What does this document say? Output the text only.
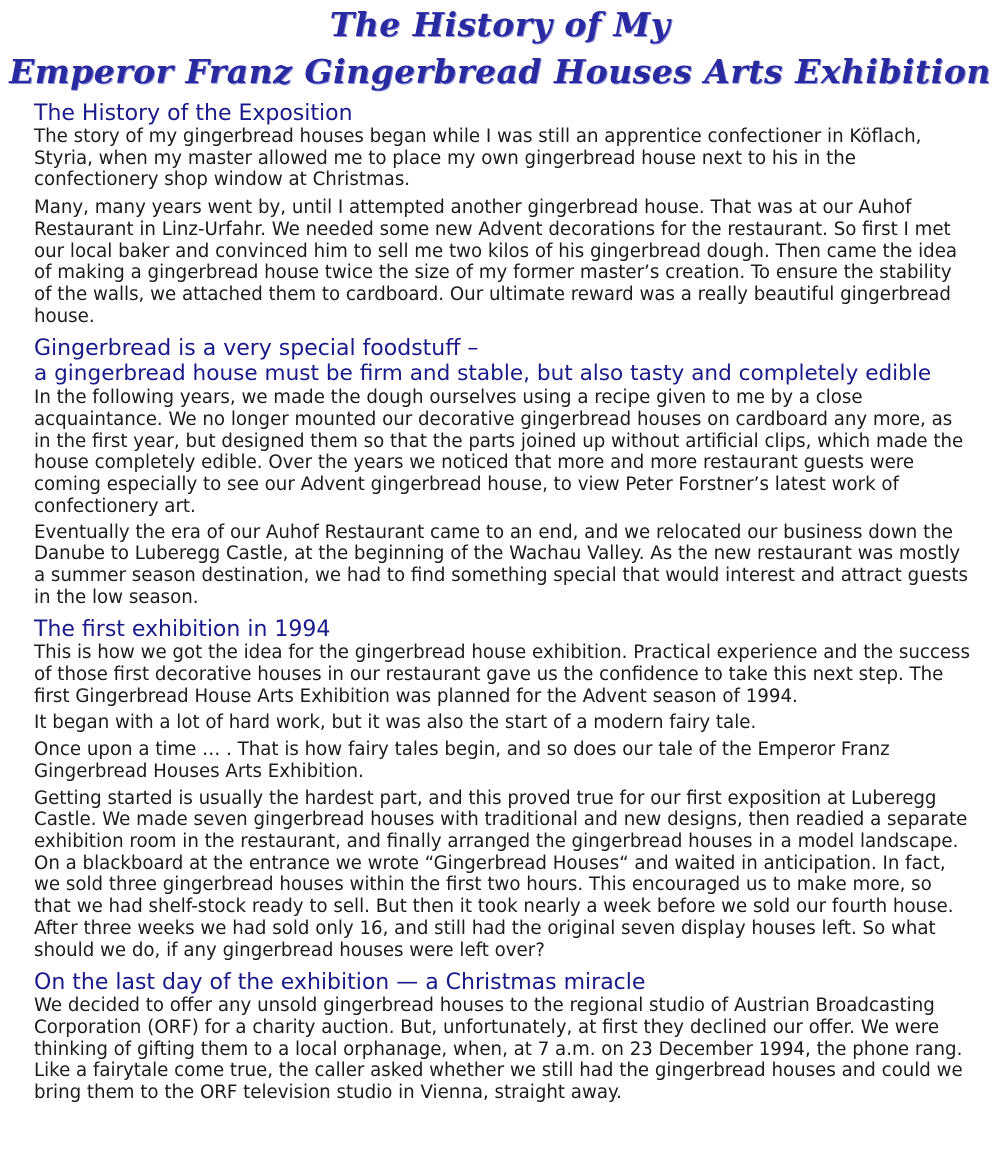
The History of My
Emperor Franz Gingerbread Houses Arts Exhibition
The History of the Exposition

The story of my gingerbread houses began while I was still an apprentice confectioner in Köflach, Styria, when my master allowed me to place my own gingerbread house next to his in the confectionery shop window at Christmas.

Many, many years went by, until I attempted another gingerbread house. That was at our Auhof Restaurant in Linz-Urfahr. We needed some new Advent decorations for the restaurant. So first I met our local baker and convinced him to sell me two kilos of his gingerbread dough. Then came the idea of making a gingerbread house twice the size of my former master’s creation. To ensure the stability of the walls, we attached them to cardboard. Our ultimate reward was a really beautiful gingerbread house.

Gingerbread is a very special foodstuff –
a gingerbread house must be firm and stable, but also tasty and completely edible

In the following years, we made the dough ourselves using a recipe given to me by a close acquaintance. We no longer mounted our decorative gingerbread houses on cardboard any more, as in the first year, but designed them so that the parts joined up without artificial clips, which made the house completely edible. Over the years we noticed that more and more restaurant guests were coming especially to see our Advent gingerbread house, to view Peter Forstner’s latest work of confectionery art.

Eventually the era of our Auhof Restaurant came to an end, and we relocated our business down the Danube to Luberegg Castle, at the beginning of the Wachau Valley. As the new restaurant was mostly a summer season destination, we had to find something special that would interest and attract guests in the low season.

The first exhibition in 1994

This is how we got the idea for the gingerbread house exhibition. Practical experience and the success of those first decorative houses in our restaurant gave us the confidence to take this next step. The first Gingerbread House Arts Exhibition was planned for the Advent season of 1994.

It began with a lot of hard work, but it was also the start of a modern fairy tale.

Once upon a time … . That is how fairy tales begin, and so does our tale of the Emperor Franz Gingerbread Houses Arts Exhibition.

Getting started is usually the hardest part, and this proved true for our first exposition at Luberegg Castle. We made seven gingerbread houses with traditional and new designs, then readied a separate exhibition room in the restaurant, and finally arranged the gingerbread houses in a model landscape. On a blackboard at the entrance we wrote “Gingerbread Houses“ and waited in anticipation. In fact, we sold three gingerbread houses within the first two hours. This encouraged us to make more, so that we had shelf-stock ready to sell. But then it took nearly a week before we sold our fourth house. After three weeks we had sold only 16, and still had the original seven display houses left. So what should we do, if any gingerbread houses were left over?

On the last day of the exhibition — a Christmas miracle

We decided to offer any unsold gingerbread houses to the regional studio of Austrian Broadcasting Corporation (ORF) for a charity auction. But, unfortunately, at first they declined our offer. We were thinking of gifting them to a local orphanage, when, at 7 a.m. on 23 December 1994, the phone rang. Like a fairytale come true, the caller asked whether we still had the gingerbread houses and could we bring them to the ORF television studio in Vienna, straight away.
